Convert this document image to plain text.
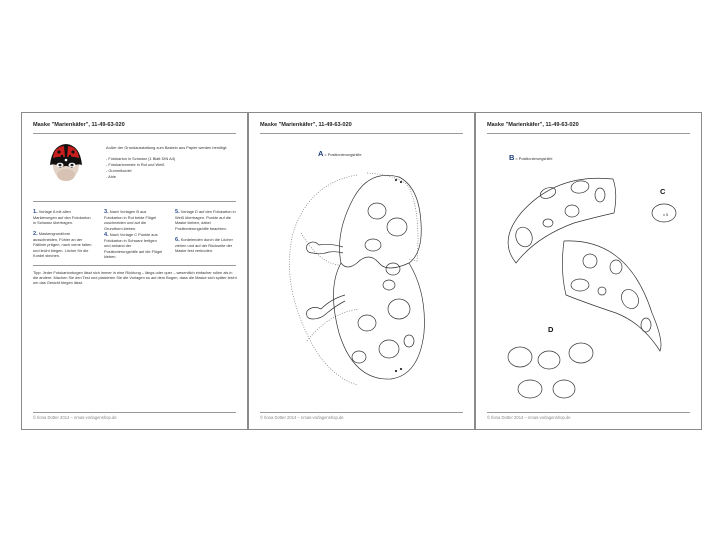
Maske "Marienkäfer", 11-49-63-020
Außer der Grundausstattung zum Basteln aus Papier werden benötigt:
- Fotokarton in Schwarz (1 Blatt DIN A4)
- Fotokartonreste in Rot und Weiß
- Gummikordel
- Ahle
1. Vorlage A mit allen Markierungen auf den Fotokarton in Schwarz übertragen.
2. Maskengrundform ausschneiden, Fühler an der Falllinie prägen, nach vorne falten und leicht biegen. Löcher für die Kordel stechen.
3. Nach Vorlagen B aus Fotokarton in Rot beide Flügel zuschneiden und auf die Grundform kleben.
4. Nach Vorlage C Punkte aus Fotokarton in Schwarz fertigen und anhand der Positionierungshilfe auf die Flügel kleben.
5. Vorlage D auf den Fotokarton in Weiß übertragen. Punkte auf die Maske kleben, dabei Positionierungshilfe beachten.
6. Kordelenden durch die Löcher ziehen und auf der Rückseite der Maske fest verknoten.
Tipp: Jeder Fotokartonbogen lässt sich immer in eine Richtung – längs oder quer – wesentlich einfacher rollen als in die andere. Machen Sie den Test und platzieren Sie die Vorlagen so auf dem Bogen, dass die Maske sich später leicht um das Gesicht biegen lässt.
© Ilona Dotter 2014 – nmas-vorlagenshop.de
Maske "Marienkäfer", 11-49-63-020
A= Positionierungshilfe
© Ilona Dotter 2014 – nmas-vorlagenshop.de
Maske "Marienkäfer", 11-49-63-020
B= Positionierungshilfe
C
x 5
D
© Ilona Dotter 2014 – nmas-vorlagenshop.de
